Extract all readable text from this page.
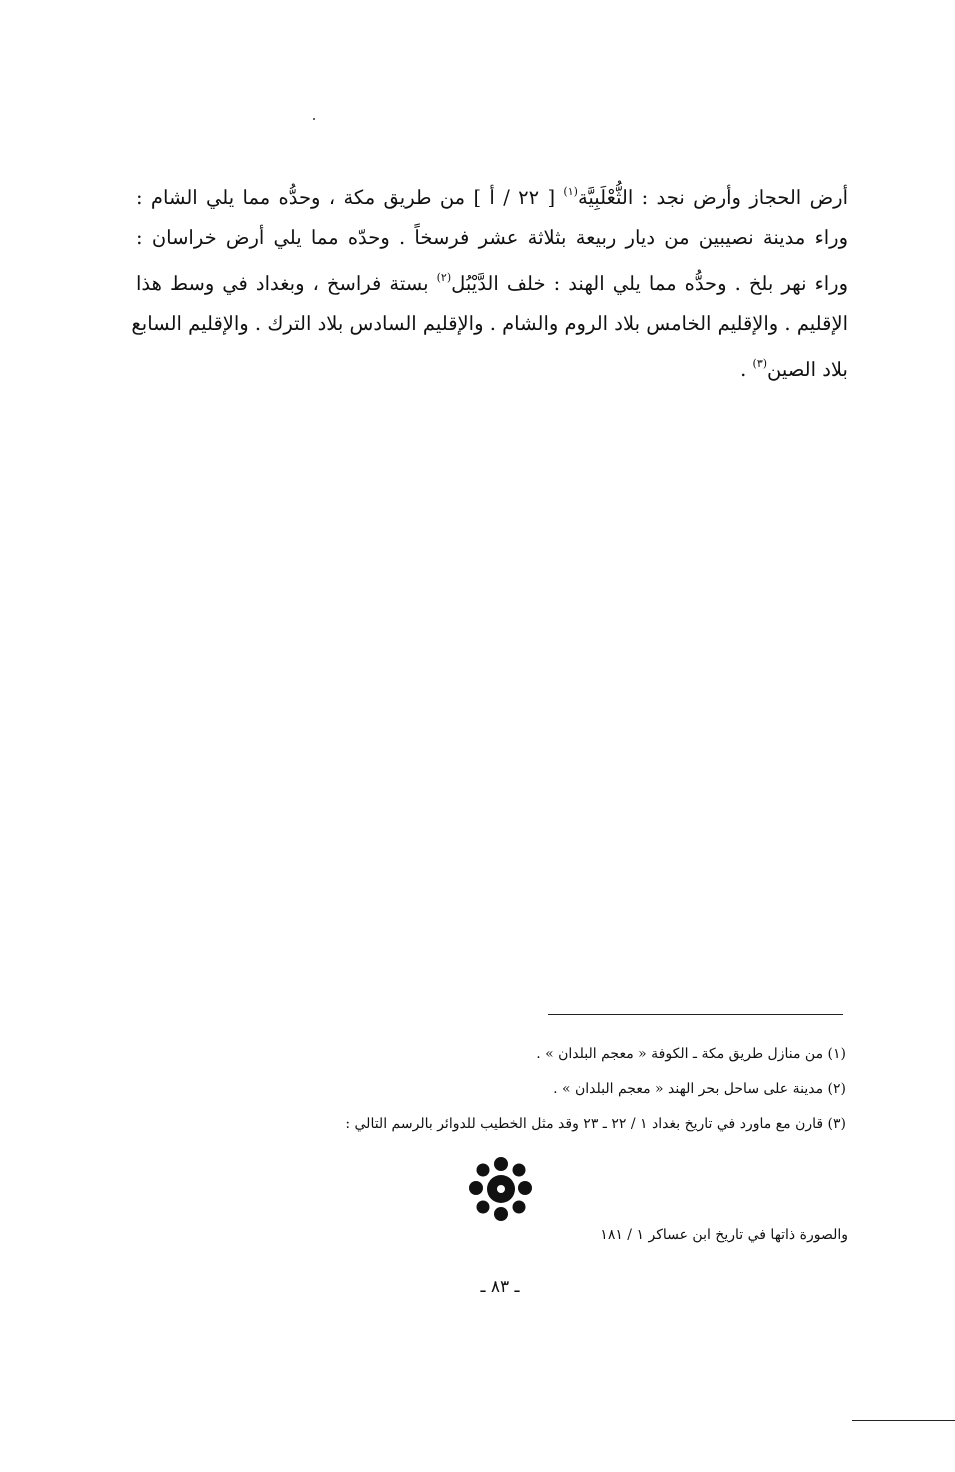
أرض الحجاز وأرض نجد : الثُّعْلَبِيَّة$^{(١)}$ [ ٢٢ / أ ] من طريق مكة ، وحدُّه مما يلي الشام :
وراء مدينة نصيبين من ديار ربيعة بثلاثة عشر فرسخاً . وحدّه مما يلي أرض خراسان :
وراء نهر بلخ . وحدُّه مما يلي الهند : خلف الدَّيْبُل$^{(٢)}$ بستة فراسخ ، وبغداد في وسط هذا
الإقليم . والإقليم الخامس بلاد الروم والشام . والإقليم السادس بلاد الترك . والإقليم السابع
بلاد الصين$^{(٣)}$ .
(١) من منازل طريق مكة ـ الكوفة « معجم البلدان » .
(٢) مدينة على ساحل بحر الهند « معجم البلدان » .
(٣) قارن مع ماورد في تاريخ بغداد ١ / ٢٢ ـ ٢٣ وقد مثل الخطيب للدوائر بالرسم التالي :
والصورة ذاتها في تاريخ ابن عساكر ١ / ١٨١
ـ ٨٣ ـ
